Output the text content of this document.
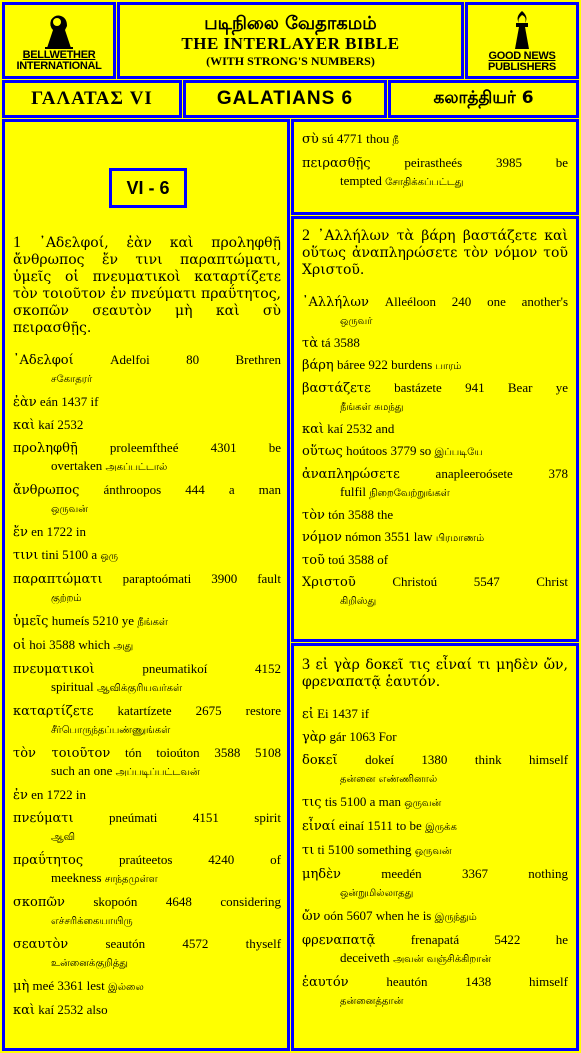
BELLWETHER
INTERNATIONAL
படிநிலை வேதாகமம்
THE INTERLAYER BIBLE
(WITH STRONG'S NUMBERS)	GOOD NEWS
PUBLISHERS
ΓΑΛΑΤΑΣ VI	GALATIANS 6	கலாத்தியர் 6
VI - 6
1 ᾿Αδελφοί, ἐὰν καὶ προληφθῇ ἄνθρωπος ἔν τινι παραπτώματι, ὑμεῖς οἱ πνευματικοὶ καταρτίζετε τὸν τοιοῦτον ἐν πνεύματι πραΰτητος, σκοπῶν σεαυτὸν μὴ καὶ σὺ πειρασθῇς.
᾿Αδελφοί	Adelfoi	80	Brethren
சகோதரர்
ἐὰν eán 1437 if
καὶ kaí 2532
προληφθῇ proleemftheé 4301 be
overtaken அகப்பட்டால்
ἄνθρωπος ánthroopos 444 a man
ஒருவன்
ἔν en 1722 in
τινι tini 5100 a ஒரு
παραπτώματι paraptoómati 3900 fault
குற்றம்
ὑμεῖς humeís 5210 ye நீங்கள்
οἱ hoi 3588 which அது
πνευματικοὶ	pneumatikoí	4152
spiritual ஆவிக்குரியவர்கள்
καταρτίζετε katartízete 2675 restore
சீர்பொருந்தப்பண்ணுங்கள்
τὸν τοιοῦτον tón toioúton 3588 5108
such an one அப்படிப்பட்டவன்
ἐν en 1722 in
πνεύματι	pneúmati	4151	spirit
ஆவி
πραΰτητος	praúteetos	4240	of
meekness சாந்தமுள்ள
σκοπῶν skopoón 4648 considering
எச்சரிக்கையாயிரு
σεαυτὸν	seautón	4572	thyself
உன்னைக்குறித்து
μὴ meé 3361 lest இல்லை
καὶ kaí 2532 also
σὺ sú 4771 thou நீ
πειρασθῇς	peirastheés	3985	be
tempted சோதிக்கப்பட்டது
2 ᾿Αλλήλων τὰ βάρη βαστάζετε καὶ οὕτως ἀναπληρώσετε τὸν νόμον τοῦ Χριστοῦ.
᾿Αλλήλων Alleéloon 240 one another's
ஒருவர்
τὰ tá 3588
βάρη báree 922 burdens பாரம்
βαστάζετε bastázete 941 Bear ye
நீங்கள் சுமந்து
καὶ kaí 2532 and
οὕτως hoútoos 3779 so இப்படியே
ἀναπληρώσετε	anapleeroósete	378
fulfil நிறைவேற்றுங்கள்
τὸν tón 3588 the
νόμον nómon 3551 law பிரமாணம்
τοῦ toú 3588 of
Χριστοῦ	Christoú	5547	Christ
கிறிஸ்து
3 εἰ γὰρ δοκεῖ τις εἶναί τι μηδὲν ὤν, φρεναπατᾷ ἑαυτόν.
εἰ Ei 1437 if
γὰρ gár 1063 For
δοκεῖ dokeí 1380 think himself
தன்னை எண்ணினால்
τις tis 5100 a man ஒருவன்
εἶναί einaí 1511 to be இருக்க
τι ti 5100 something ஒருவன்
μηδὲν	meedén	3367	nothing
ஒன்றுமில்லாதது
ὤν oón 5607 when he is இருந்தும்
φρεναπατᾷ	frenapatá	5422	he
deceiveth அவன் வஞ்சிக்கிறான்
ἑαυτόν	heautón	1438	himself
தன்னைத்தான்
